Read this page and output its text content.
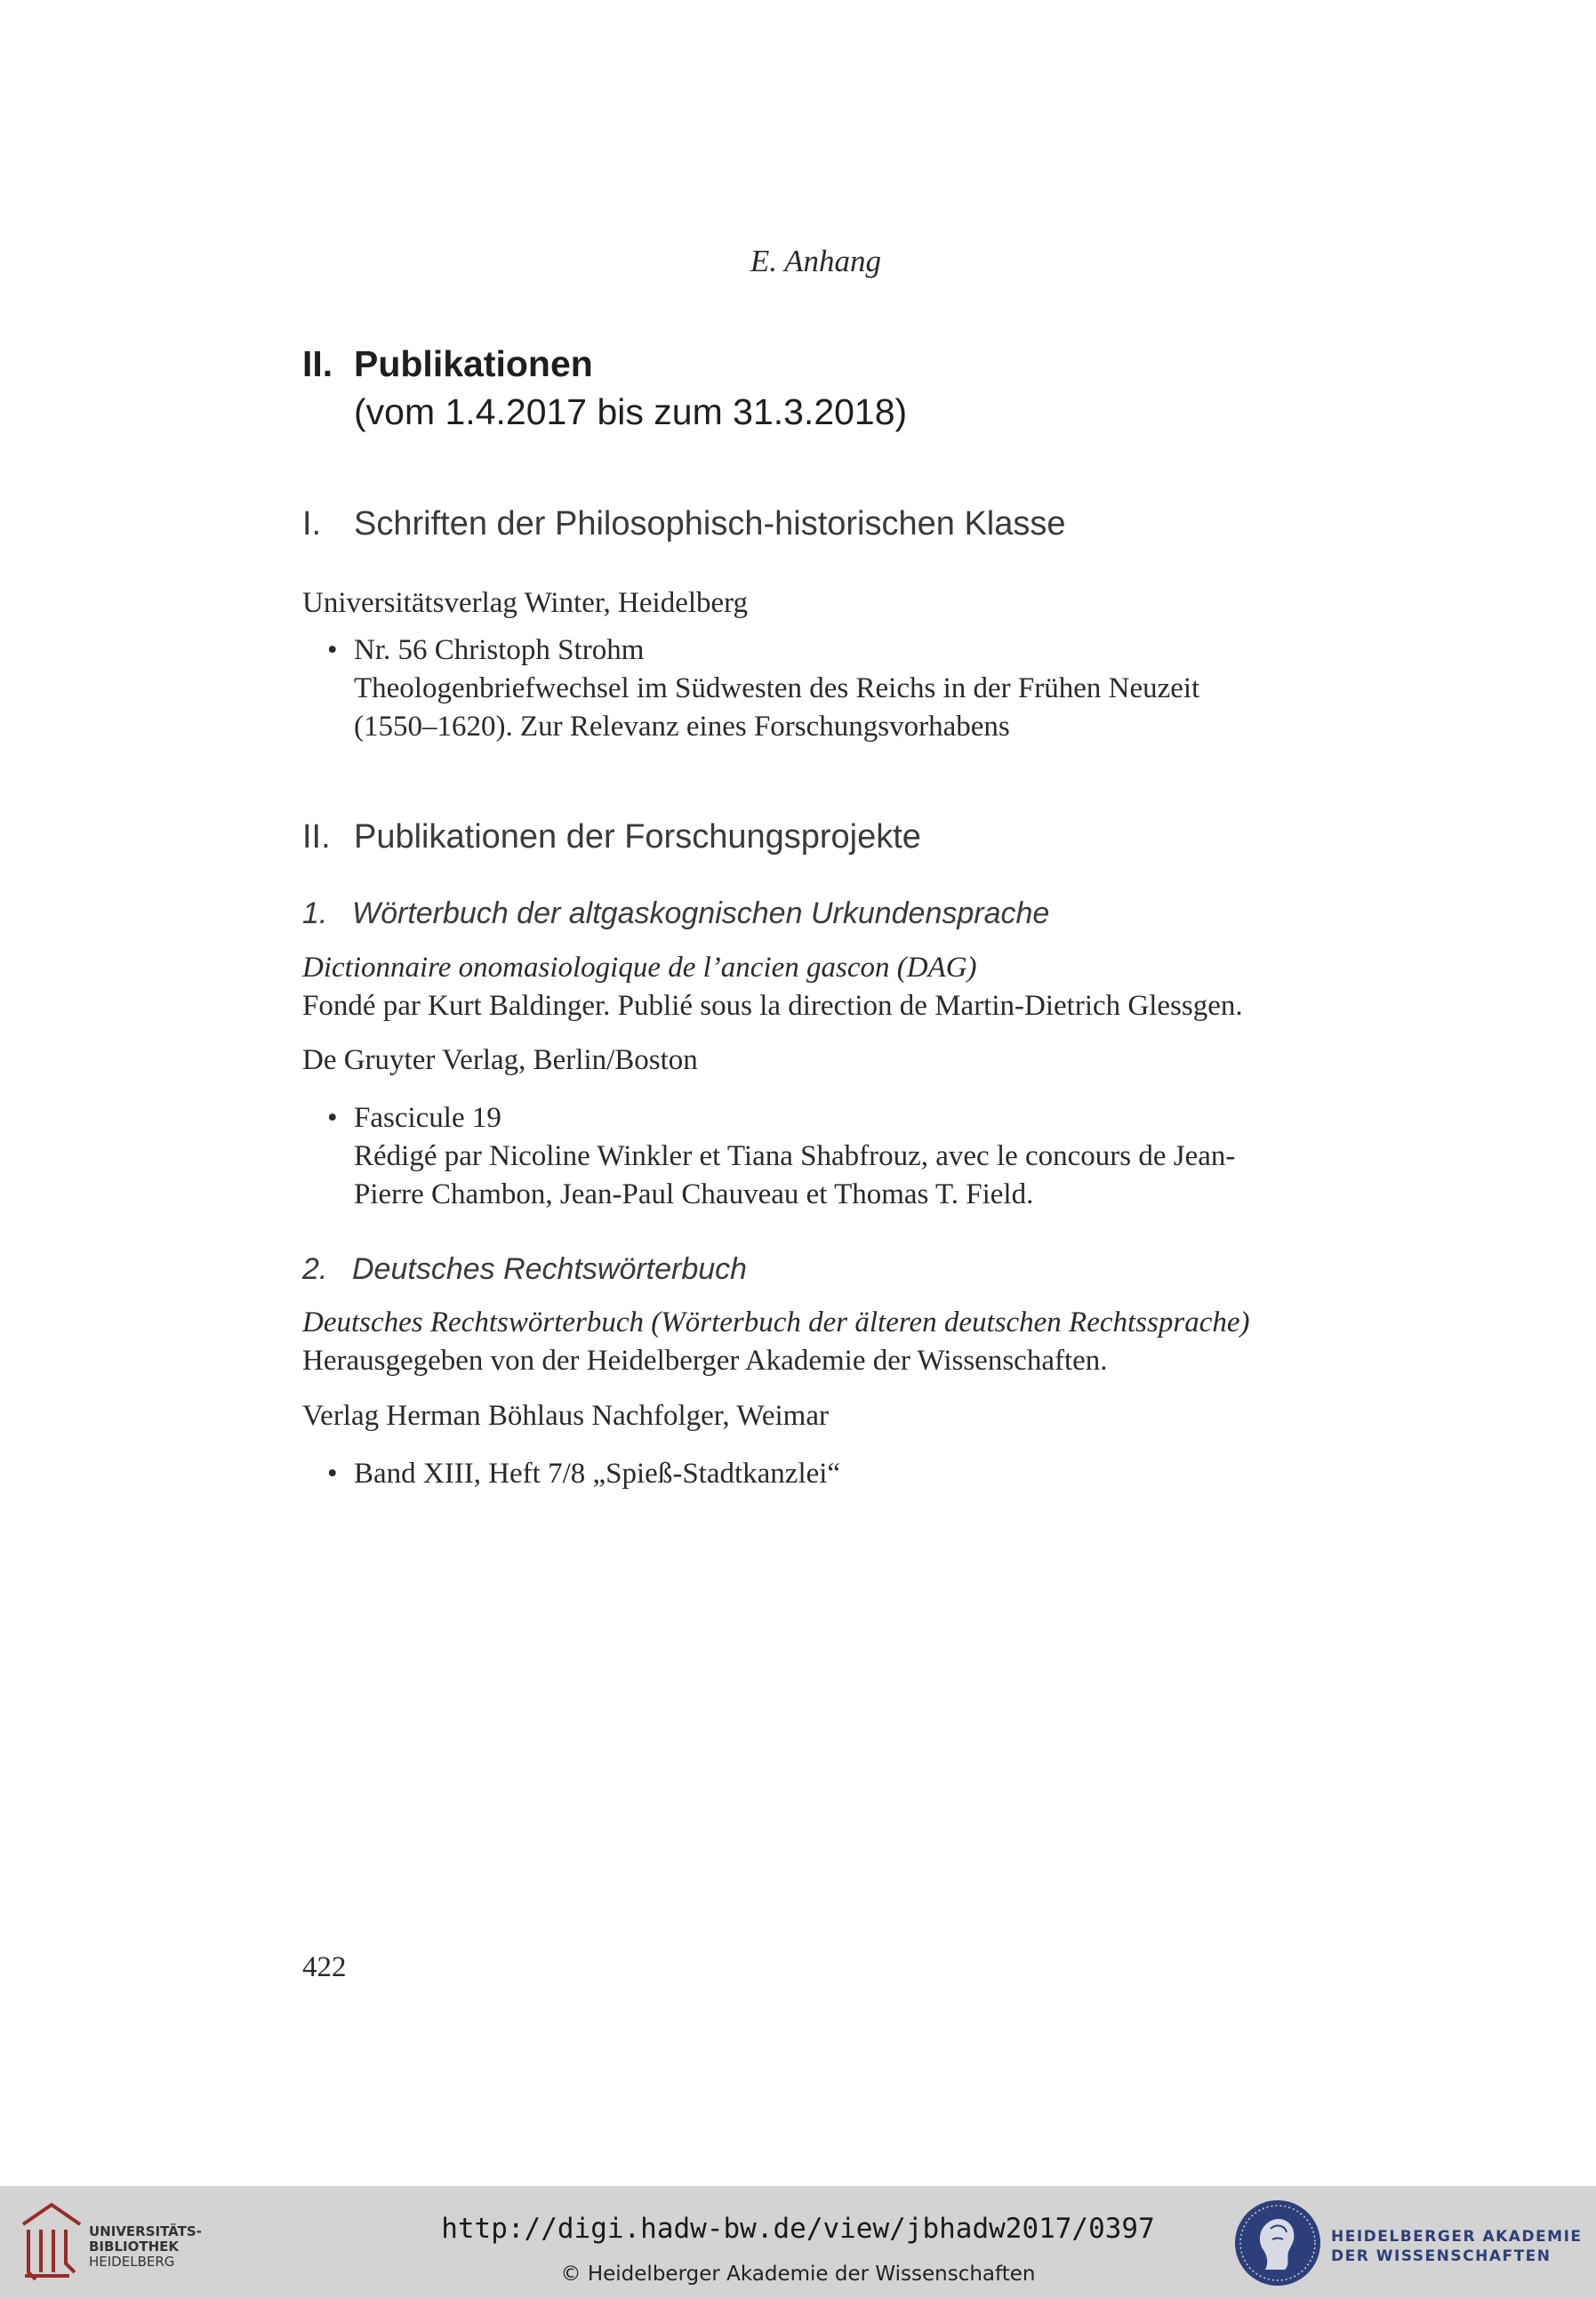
E. Anhang
II. Publikationen
(vom 1.4.2017 bis zum 31.3.2018)
I. Schriften der Philosophisch-historischen Klasse
Universitätsverlag Winter, Heidelberg
• Nr. 56 Christoph Strohm
Theologenbriefwechsel im Südwesten des Reichs in der Frühen Neuzeit
(1550–1620). Zur Relevanz eines Forschungsvorhabens
II. Publikationen der Forschungsprojekte
1. Wörterbuch der altgaskognischen Urkundensprache
Dictionnaire onomasiologique de l’ancien gascon (DAG)
Fondé par Kurt Baldinger. Publié sous la direction de Martin-Dietrich Glessgen.
De Gruyter Verlag, Berlin/Boston
• Fascicule 19
Rédigé par Nicoline Winkler et Tiana Shabfrouz, avec le concours de Jean-
Pierre Chambon, Jean-Paul Chauveau et Thomas T. Field.
2. Deutsches Rechtswörterbuch
Deutsches Rechtswörterbuch (Wörterbuch der älteren deutschen Rechtssprache)
Herausgegeben von der Heidelberger Akademie der Wissenschaften.
Verlag Herman Böhlaus Nachfolger, Weimar
• Band XIII, Heft 7/8 „Spieß-Stadtkanzlei“
422
UNIVERSITÄTS-
BIBLIOTHEK
HEIDELBERG
http://digi.hadw-bw.de/view/jbhadw2017/0397
© Heidelberger Akademie der Wissenschaften
HEIDELBERGER AKADEMIE
DER WISSENSCHAFTEN
